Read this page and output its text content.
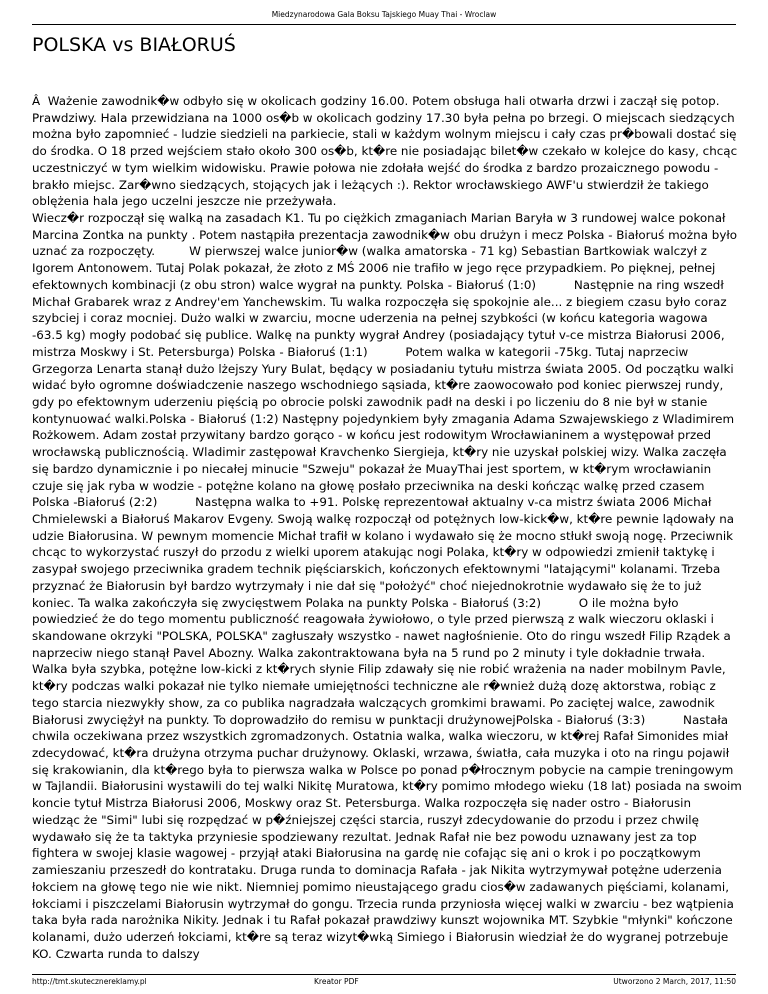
Miedzynarodowa Gala Boksu Tajskiego Muay Thai - Wroclaw
POLSKA vs BIAŁORUŚ

Â  Ważenie zawodnik�w odbyło się w okolicach godziny 16.00. Potem obsługa hali otwarła drzwi i zaczął się potop. Prawdziwy. Hala przewidziana na 1000 os�b w okolicach godziny 17.30 była pełna po brzegi. O miejscach siedzących można było zapomnieć - ludzie siedzieli na parkiecie, stali w każdym wolnym miejscu i cały czas pr�bowali dostać się do środka. O 18 przed wejściem stało około 300 os�b, kt�re nie posiadając bilet�w czekało w kolejce do kasy, chcąc uczestniczyć w tym wielkim widowisku. Prawie połowa nie zdołała wejść do środka z bardzo prozaicznego powodu - brakło miejsc. Zar�wno siedzących, stojących jak i leżących :). Rektor wrocławskiego AWF'u stwierdził że takiego oblężenia hala jego uczelni jeszcze nie przeżywała.

Wiecz�r rozpoczął się walką na zasadach K1. Tu po ciężkich zmaganiach Marian Baryła w 3 rundowej walce pokonał Marcina Zontka na punkty . Potem nastąpiła prezentacja zawodnik�w obu drużyn i mecz Polska - Białoruś można było uznać za rozpoczęty.         W pierwszej walce junior�w (walka amatorska - 71 kg) Sebastian Bartkowiak walczył z Igorem Antonowem. Tutaj Polak pokazał, że złoto z MŚ 2006 nie trafiło w jego ręce przypadkiem. Po pięknej, pełnej efektownych kombinacji (z obu stron) walce wygrał na punkty. Polska - Białoruś (1:0)          Następnie na ring wszedł Michał Grabarek wraz z Andrey'em Yanchewskim. Tu walka rozpoczęła się spokojnie ale... z biegiem czasu było coraz szybciej i coraz mocniej. Dużo walki w zwarciu, mocne uderzenia na pełnej szybkości (w końcu kategoria wagowa -63.5 kg) mogły podobać się publice. Walkę na punkty wygrał Andrey (posiadający tytuł v-ce mistrza Białorusi 2006, mistrza Moskwy i St. Petersburga) Polska - Białoruś (1:1)          Potem walka w kategorii -75kg. Tutaj naprzeciw Grzegorza Lenarta stanął dużo lżejszy Yury Bulat, będący w posiadaniu tytułu mistrza świata 2005. Od początku walki widać było ogromne doświadczenie naszego wschodniego sąsiada, kt�re zaowocowało pod koniec pierwszej rundy, gdy po efektownym uderzeniu pięścią po obrocie polski zawodnik padł na deski i po liczeniu do 8 nie był w stanie kontynuować walki.Polska - Białoruś (1:2) Następny pojedynkiem były zmagania Adama Szwajewskiego z Wladimirem Rożkowem. Adam został przywitany bardzo gorąco - w końcu jest rodowitym Wrocławianinem a występował przed wrocławską publicznością. Wladimir zastępował Kravchenko Siergieja, kt�ry nie uzyskał polskiej wizy. Walka zaczęła się bardzo dynamicznie i po niecałej minucie "Szweju" pokazał że MuayThai jest sportem, w kt�rym wrocławianin czuje się jak ryba w wodzie - potężne kolano na głowę posłało przeciwnika na deski kończąc walkę przed czasem Polska -Białoruś (2:2)          Następna walka to +91. Polskę reprezentował aktualny v-ca mistrz świata 2006 Michał Chmielewski a Białoruś Makarov Evgeny. Swoją walkę rozpoczął od potężnych low-kick�w, kt�re pewnie lądowały na udzie Białorusina. W pewnym momencie Michał trafił w kolano i wydawało się że mocno stłukł swoją nogę. Przeciwnik chcąc to wykorzystać ruszył do przodu z wielki uporem atakując nogi Polaka, kt�ry w odpowiedzi zmienił taktykę i zasypał swojego przeciwnika gradem technik pięściarskich, kończonych efektownymi "latającymi" kolanami. Trzeba przyznać że Białorusin był bardzo wytrzymały i nie dał się "położyć" choć niejednokrotnie wydawało się że to już koniec. Ta walka zakończyła się zwycięstwem Polaka na punkty Polska - Białoruś (3:2)          O ile można było powiedzieć że do tego momentu publiczność reagowała żywiołowo, o tyle przed pierwszą z walk wieczoru oklaski i skandowane okrzyki "POLSKA, POLSKA" zagłuszały wszystko - nawet nagłośnienie. Oto do ringu wszedł Filip Rządek a naprzeciw niego stanął Pavel Abozny. Walka zakontraktowana była na 5 rund po 2 minuty i tyle dokładnie trwała. Walka była szybka, potężne low-kicki z kt�rych słynie Filip zdawały się nie robić wrażenia na nader mobilnym Pavle, kt�ry podczas walki pokazał nie tylko niemałe umiejętności techniczne ale r�wnież dużą dozę aktorstwa, robiąc z tego starcia niezwykły show, za co publika nagradzała walczących gromkimi brawami. Po zaciętej walce, zawodnik Białorusi zwyciężył na punkty. To doprowadziło do remisu w punktacji drużynowejPolska - Białoruś (3:3)          Nastała chwila oczekiwana przez wszystkich zgromadzonych. Ostatnia walka, walka wieczoru, w kt�rej Rafał Simonides miał zdecydować, kt�ra drużyna otrzyma puchar drużynowy. Oklaski, wrzawa, światła, cała muzyka i oto na ringu pojawił się krakowianin, dla kt�rego była to pierwsza walka w Polsce po ponad p�łrocznym pobycie na campie treningowym w Tajlandii. Białorusini wystawili do tej walki Nikitę Muratowa, kt�ry pomimo młodego wieku (18 lat) posiada na swoim koncie tytuł Mistrza Białorusi 2006, Moskwy oraz St. Petersburga. Walka rozpoczęła się nader ostro - Białorusin wiedząc że "Simi" lubi się rozpędzać w p�źniejszej części starcia, ruszył zdecydowanie do przodu i przez chwilę wydawało się że ta taktyka przyniesie spodziewany rezultat. Jednak Rafał nie bez powodu uznawany jest za top fightera w swojej klasie wagowej - przyjął ataki Białorusina na gardę nie cofając się ani o krok i po początkowym zamieszaniu przeszedł do kontrataku. Druga runda to dominacja Rafała - jak Nikita wytrzymywał potężne uderzenia łokciem na głowę tego nie wie nikt. Niemniej pomimo nieustającego gradu cios�w zadawanych pięściami, kolanami, łokciami i piszczelami Białorusin wytrzymał do gongu. Trzecia runda przyniosła więcej walki w zwarciu - bez wątpienia taka była rada narożnika Nikity. Jednak i tu Rafał pokazał prawdziwy kunszt wojownika MT. Szybkie "młynki" kończone kolanami, dużo uderzeń łokciami, kt�re są teraz wizyt�wką Simiego i Białorusin wiedział że do wygranej potrzebuje KO. Czwarta runda to dalszy

http://tmt.skutecznereklamy.pl	Kreator PDF	Utworzono 2 March, 2017, 11:50
